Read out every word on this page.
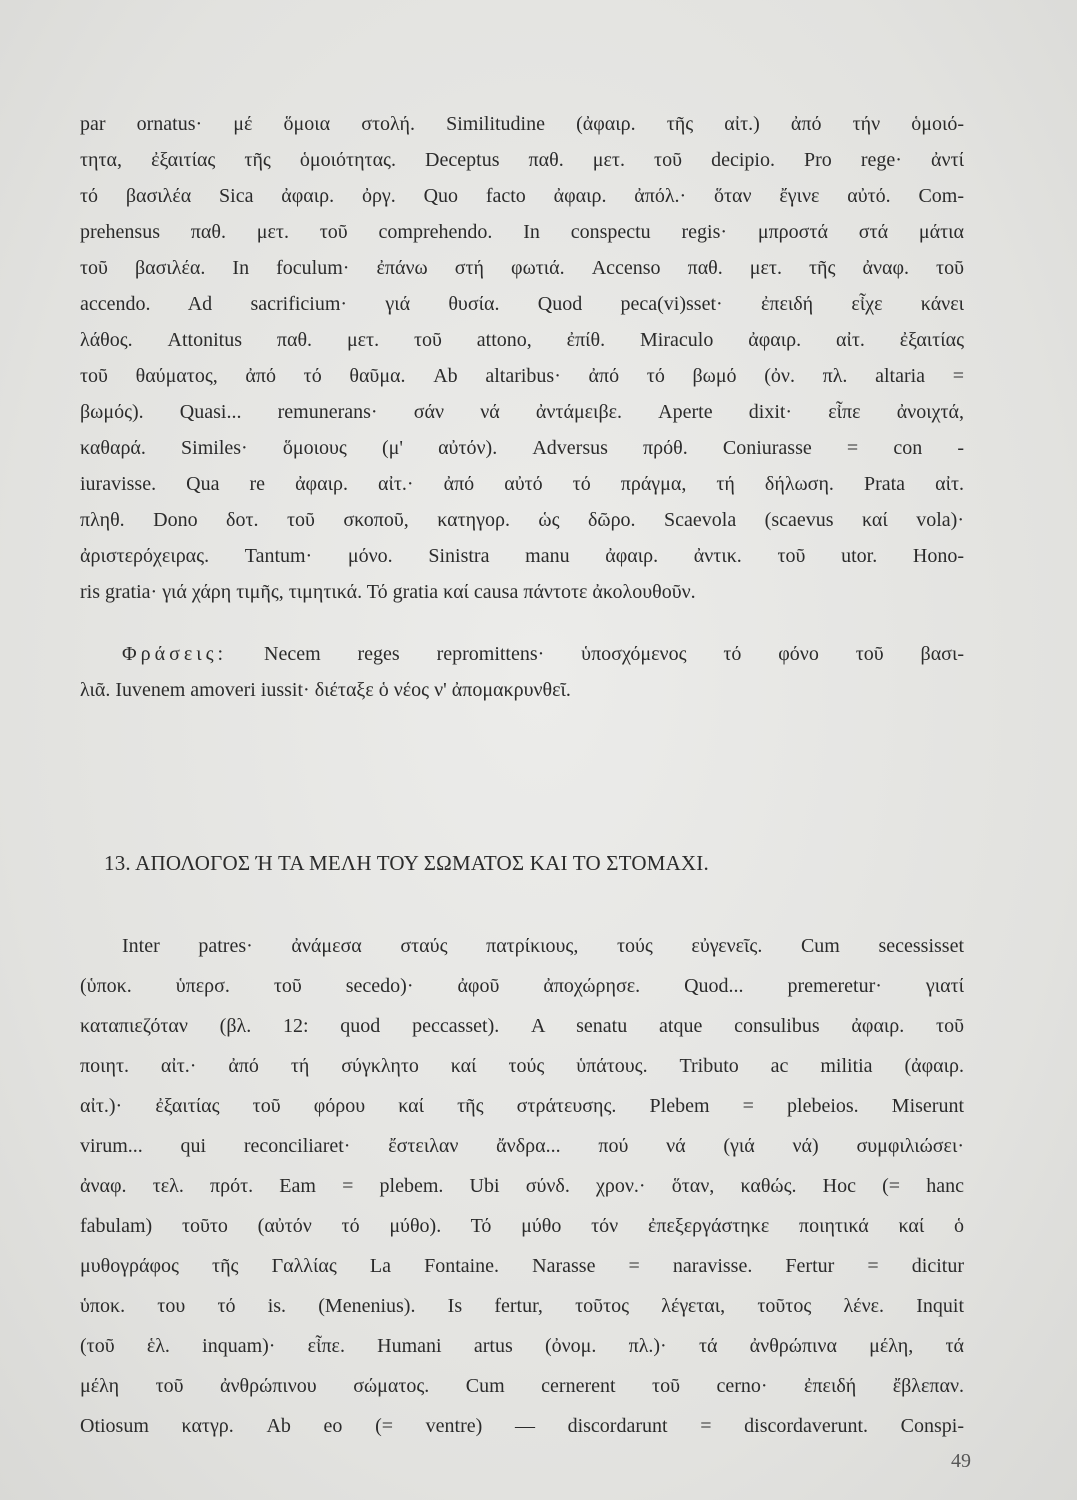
par ornatus· μέ ὅμοια στολή. Similitudine (ἀφαιρ. τῆς αἰτ.) ἀπό τήν ὁμοιό-
τητα, ἐξαιτίας τῆς ὁμοιότητας. Deceptus παθ. μετ. τοῦ decipio. Pro rege· ἀντί
τό βασιλέα Sica ἀφαιρ. ὀργ. Quo facto ἀφαιρ. ἀπόλ.· ὅταν ἔγινε αὐτό. Com-
prehensus παθ. μετ. τοῦ comprehendo. In conspectu regis· μπροστά στά μάτια
τοῦ βασιλέα. In foculum· ἐπάνω στή φωτιά. Accenso παθ. μετ. τῆς ἀναφ. τοῦ
accendo. Ad sacrificium· γιά θυσία. Quod peca(vi)sset· ἐπειδή εἶχε κάνει
λάθος. Attonitus παθ. μετ. τοῦ attono, ἐπίθ. Miraculo ἀφαιρ. αἰτ. ἐξαιτίας
τοῦ θαύματος, ἀπό τό θαῦμα. Ab altaribus· ἀπό τό βωμό (ὀν. πλ. altaria =
βωμός). Quasi... remunerans· σάν νά ἀντάμειβε. Aperte dixit· εἶπε ἀνοιχτά,
καθαρά. Similes· ὅμοιους (μ' αὐτόν). Adversus πρόθ. Coniurasse = con -
iuravisse. Qua re ἀφαιρ. αἰτ.· ἀπό αὐτό τό πράγμα, τή δήλωση. Prata αἰτ.
πληθ. Dono δοτ. τοῦ σκοποῦ, κατηγορ. ὡς δῶρο. Scaevola (scaevus καί vola)·
ἀριστερόχειρας. Tantum· μόνο. Sinistra manu ἀφαιρ. ἀντικ. τοῦ utor. Hono-
ris gratia· γιά χάρη τιμῆς, τιμητικά. Τό gratia καί causa πάντοτε ἀκολουθοῦν.
Φράσεις: Necem reges repromittens· ὑποσχόμενος τό φόνο τοῦ βασι-
λιᾶ. Iuvenem amoveri iussit· διέταξε ὁ νέος ν' ἀπομακρυνθεῖ.
13. ΑΠΟΛΟΓΟΣ Ή ΤΑ ΜΕΛΗ ΤΟΥ ΣΩΜΑΤΟΣ ΚΑΙ ΤΟ ΣΤΟΜΑΧΙ.
Inter patres· ἀνάμεσα σταύς πατρίκιους, τούς εὐγενεῖς. Cum secessisset
(ὑποκ. ὑπερσ. τοῦ secedo)· ἀφοῦ ἀποχώρησε. Quod... premeretur· γιατί
καταπιεζόταν (βλ. 12: quod peccasset). A senatu atque consulibus ἀφαιρ. τοῦ
ποιητ. αἰτ.· ἀπό τή σύγκλητο καί τούς ὑπάτους. Tributo ac militia (ἀφαιρ.
αἰτ.)· ἐξαιτίας τοῦ φόρου καί τῆς στράτευσης. Plebem = plebeios. Miserunt
virum... qui reconciliaret· ἔστειλαν ἄνδρα... πού νά (γιά νά) συμφιλιώσει·
ἀναφ. τελ. πρότ. Eam = plebem. Ubi σύνδ. χρον.· ὅταν, καθώς. Hoc (= hanc
fabulam) τοῦτο (αὐτόν τό μύθο). Τό μύθο τόν ἐπεξεργάστηκε ποιητικά καί ὁ
μυθογράφος τῆς Γαλλίας La Fontaine. Narasse = naravisse. Fertur = dicitur
ὑποκ. του τό is. (Menenius). Is fertur, τοῦτος λέγεται, τοῦτος λένε. Inquit
(τοῦ ἑλ. inquam)· εἶπε. Humani artus (ὀνομ. πλ.)· τά ἀνθρώπινα μέλη, τά
μέλη τοῦ ἀνθρώπινου σώματος. Cum cernerent τοῦ cerno· ἐπειδή ἔβλεπαν.
Otiosum κατγρ. Ab eo (= ventre) — discordarunt = discordaverunt. Conspi-
49
